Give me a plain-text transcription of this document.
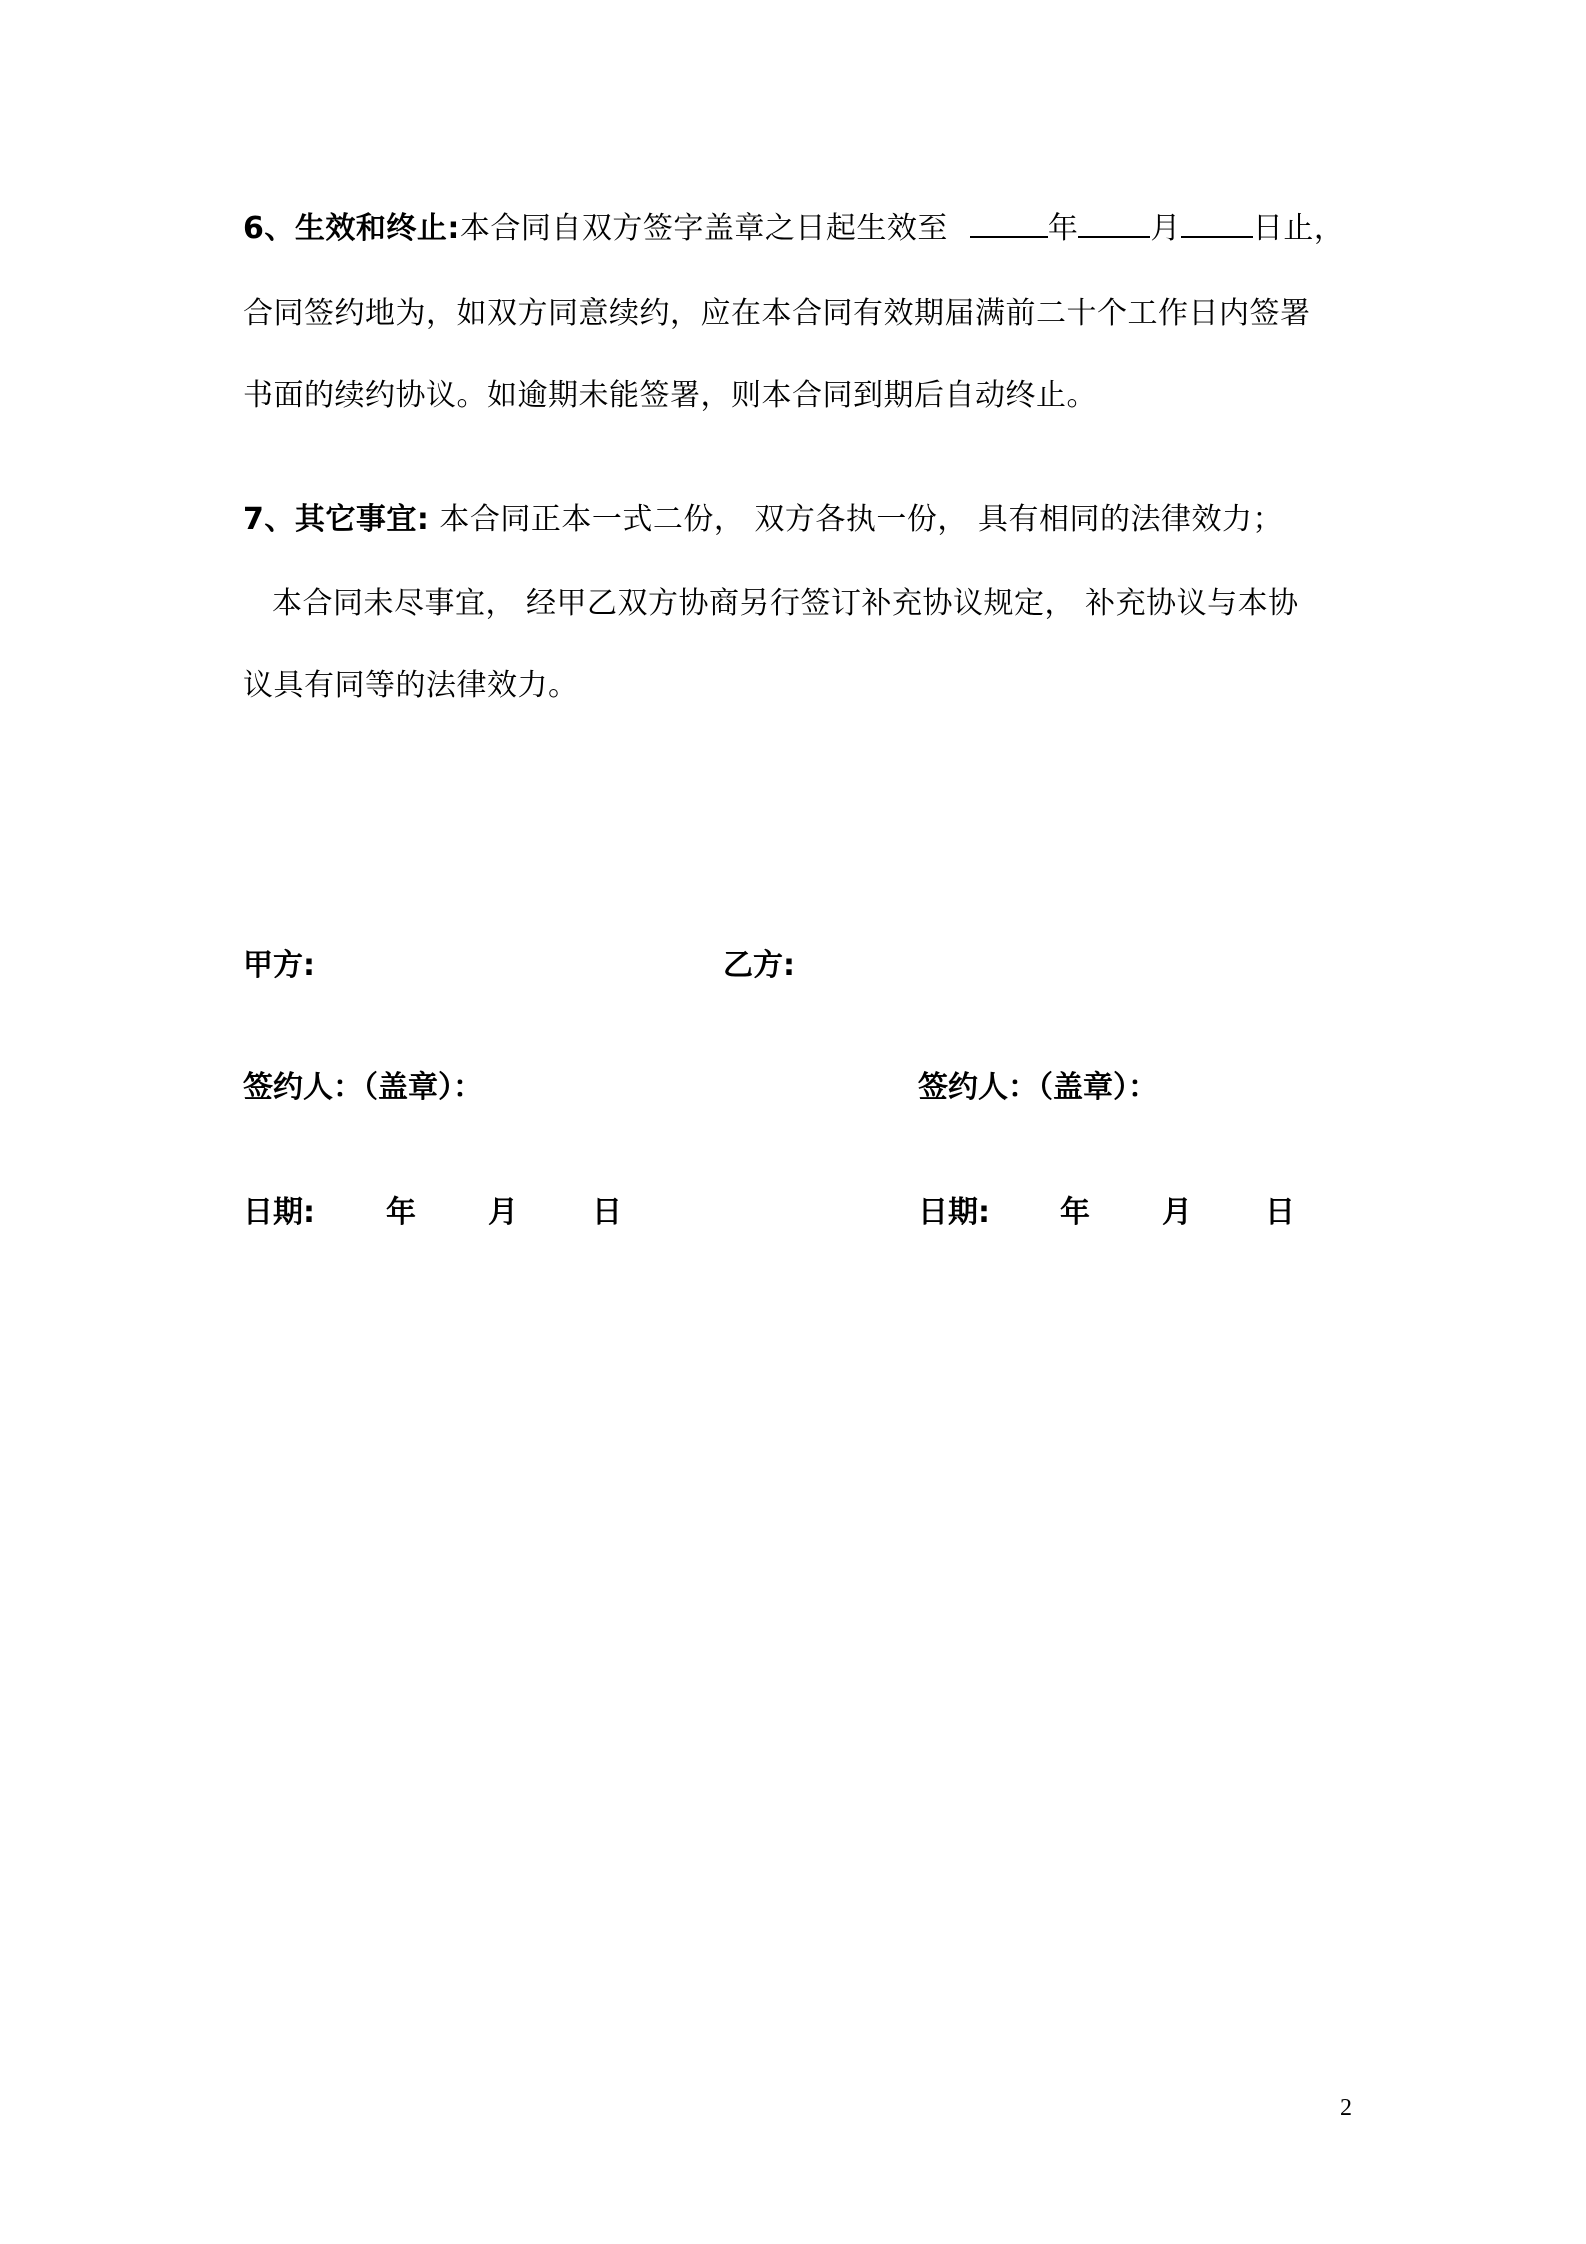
6、生效和终止:本合同自双方签字盖章之日起生效至	年 月 日止，
合同签约地为，如双方同意续约，应在本合同有效期届满前二十个工作日内签署
书面的续约协议。如逾期未能签署，则本合同到期后自动终止。
7、其它事宜: 本合同正本一式二份， 双方各执一份， 具有相同的法律效力；
本合同未尽事宜， 经甲乙双方协商另行签订补充协议规定， 补充协议与本协
议具有同等的法律效力。
甲方:	乙方:
签约人：（盖章）：	签约人：（盖章）：
日期: 年 月 日	日期: 年 月 日
2
